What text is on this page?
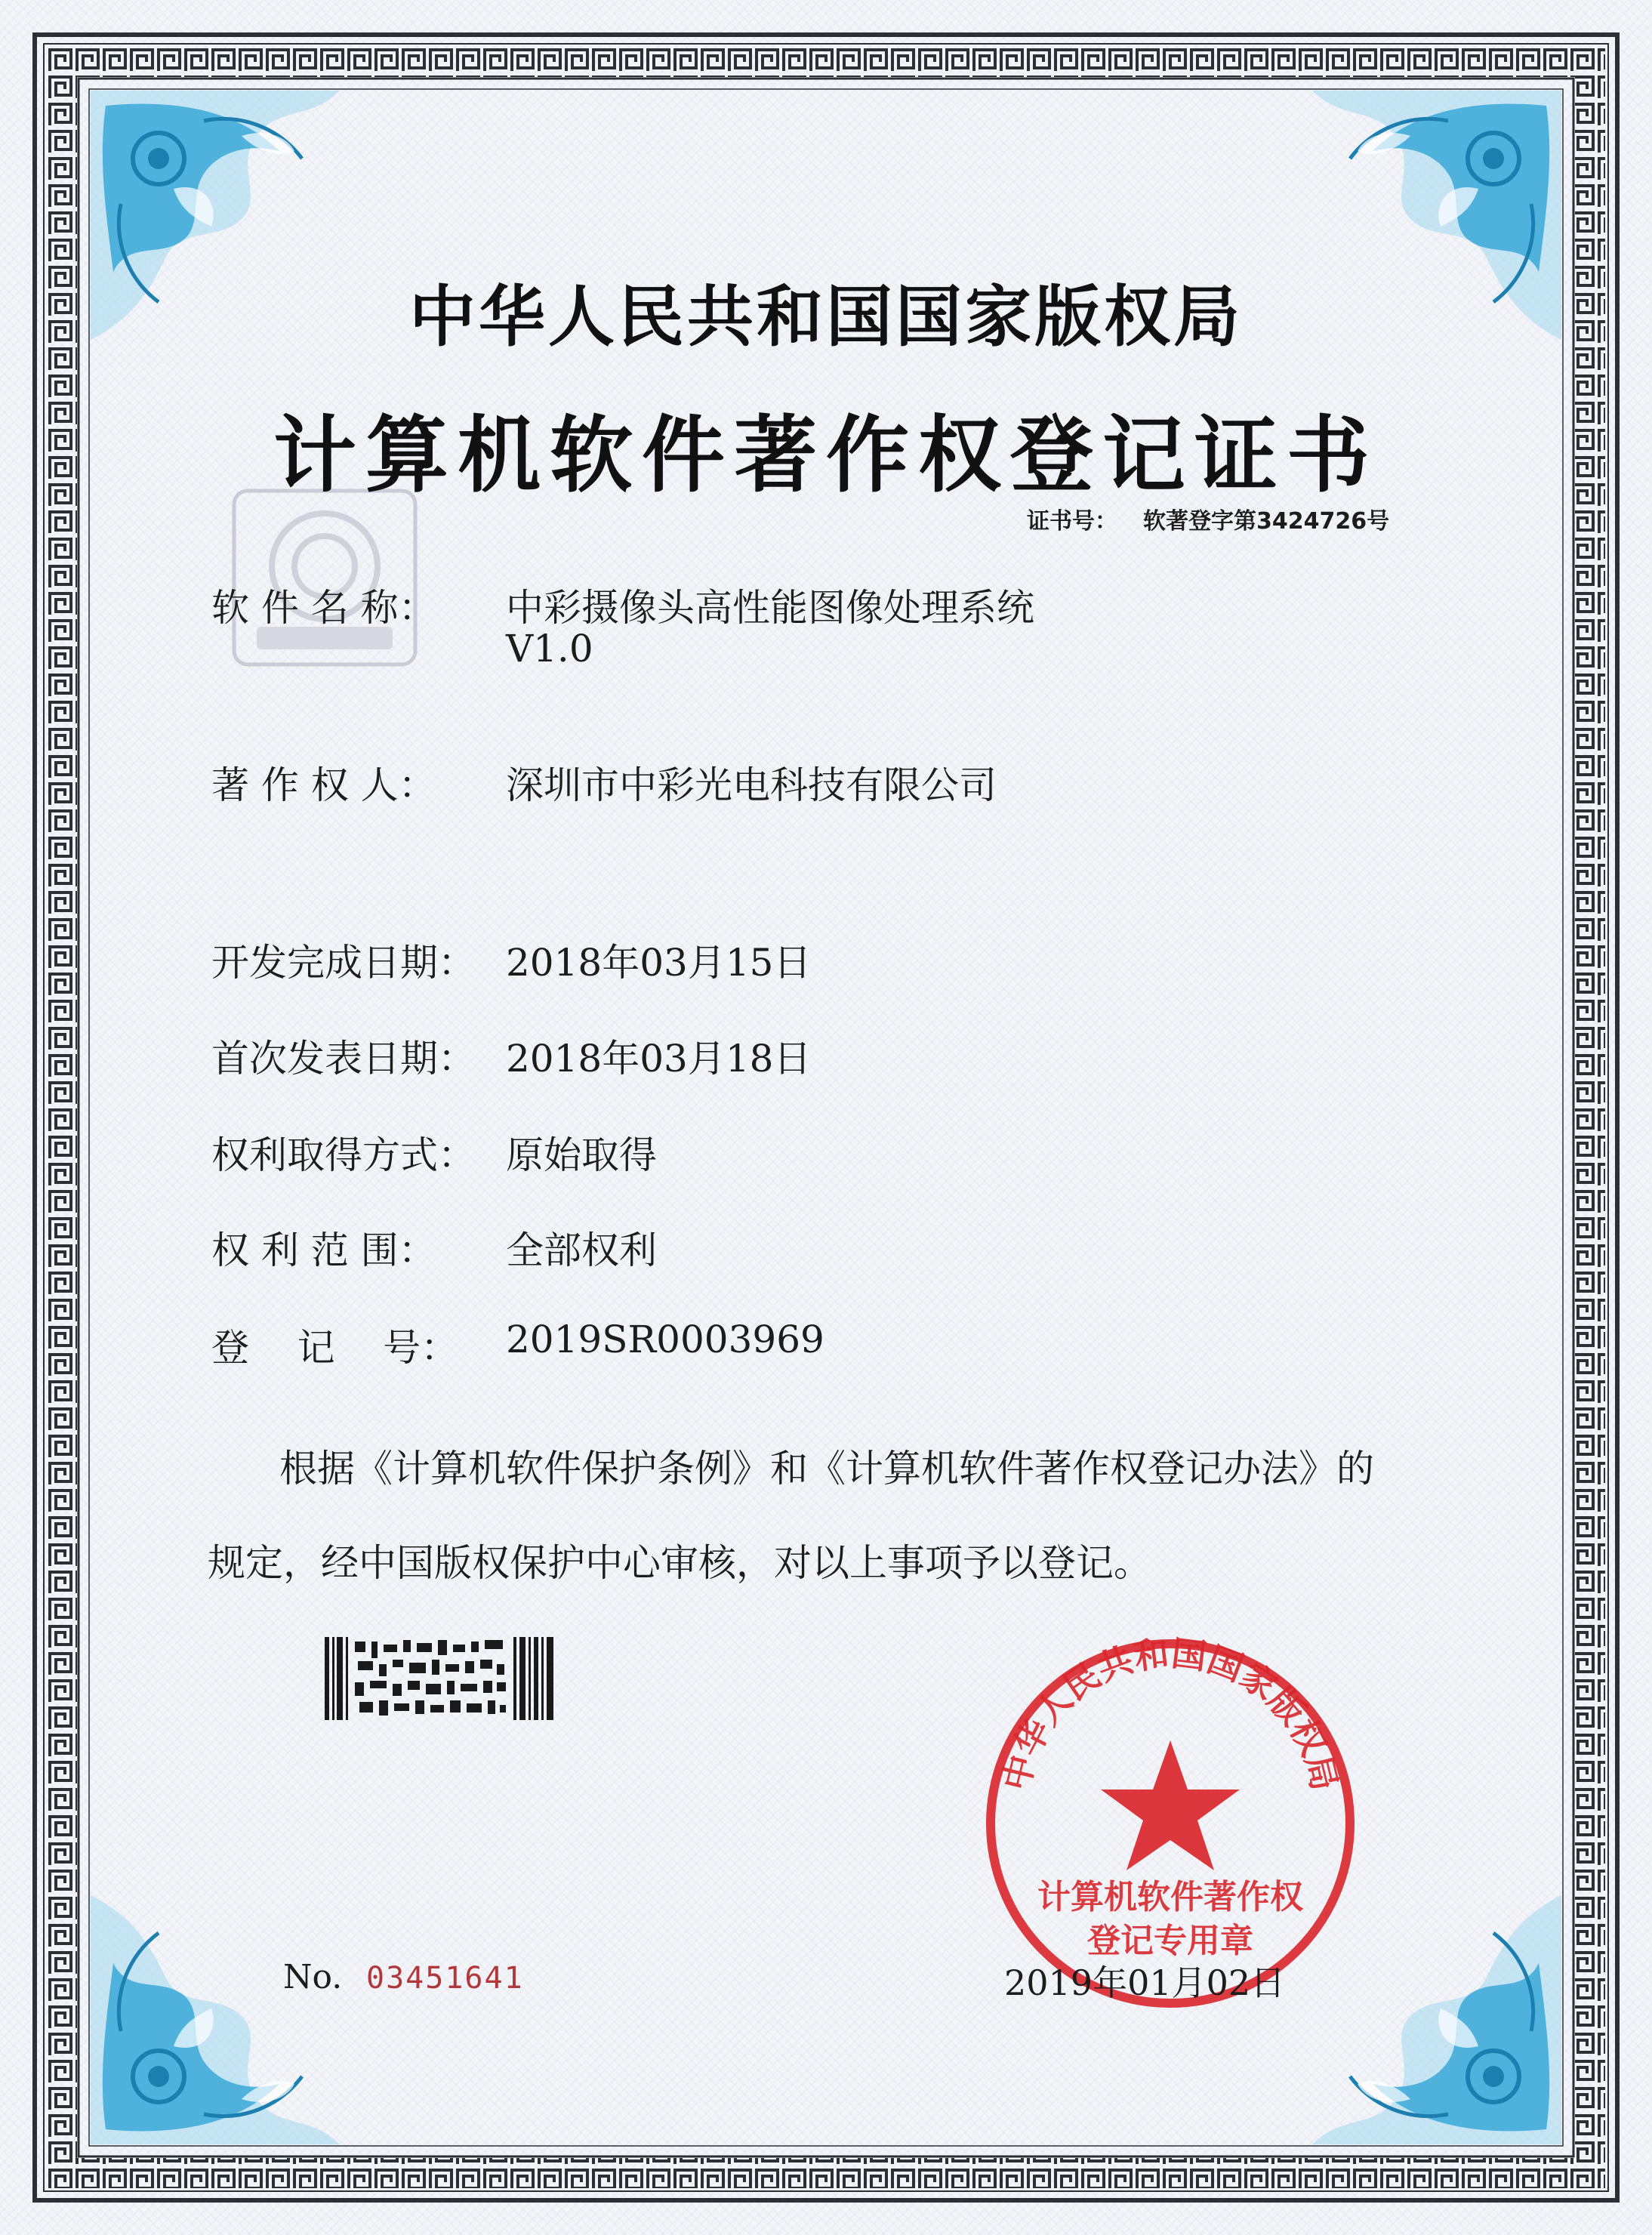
中华人民共和国国家版权局
计算机软件著作权登记证书
证书号： 软著登字第3424726号
软 件 名 称： 中彩摄像头高性能图像处理系统
V1.0
著 作 权 人： 深圳市中彩光电科技有限公司
开发完成日期： 2018年03月15日
首次发表日期： 2018年03月18日
权利取得方式： 原始取得
权 利 范 围： 全部权利
登    记    号： 2019SR0003969
根据《计算机软件保护条例》和《计算机软件著作权登记办法》的
规定，经中国版权保护中心审核，对以上事项予以登记。
中华人民共和国国家版权局
计算机软件著作权
登记专用章
No. 03451641	2019年01月02日
